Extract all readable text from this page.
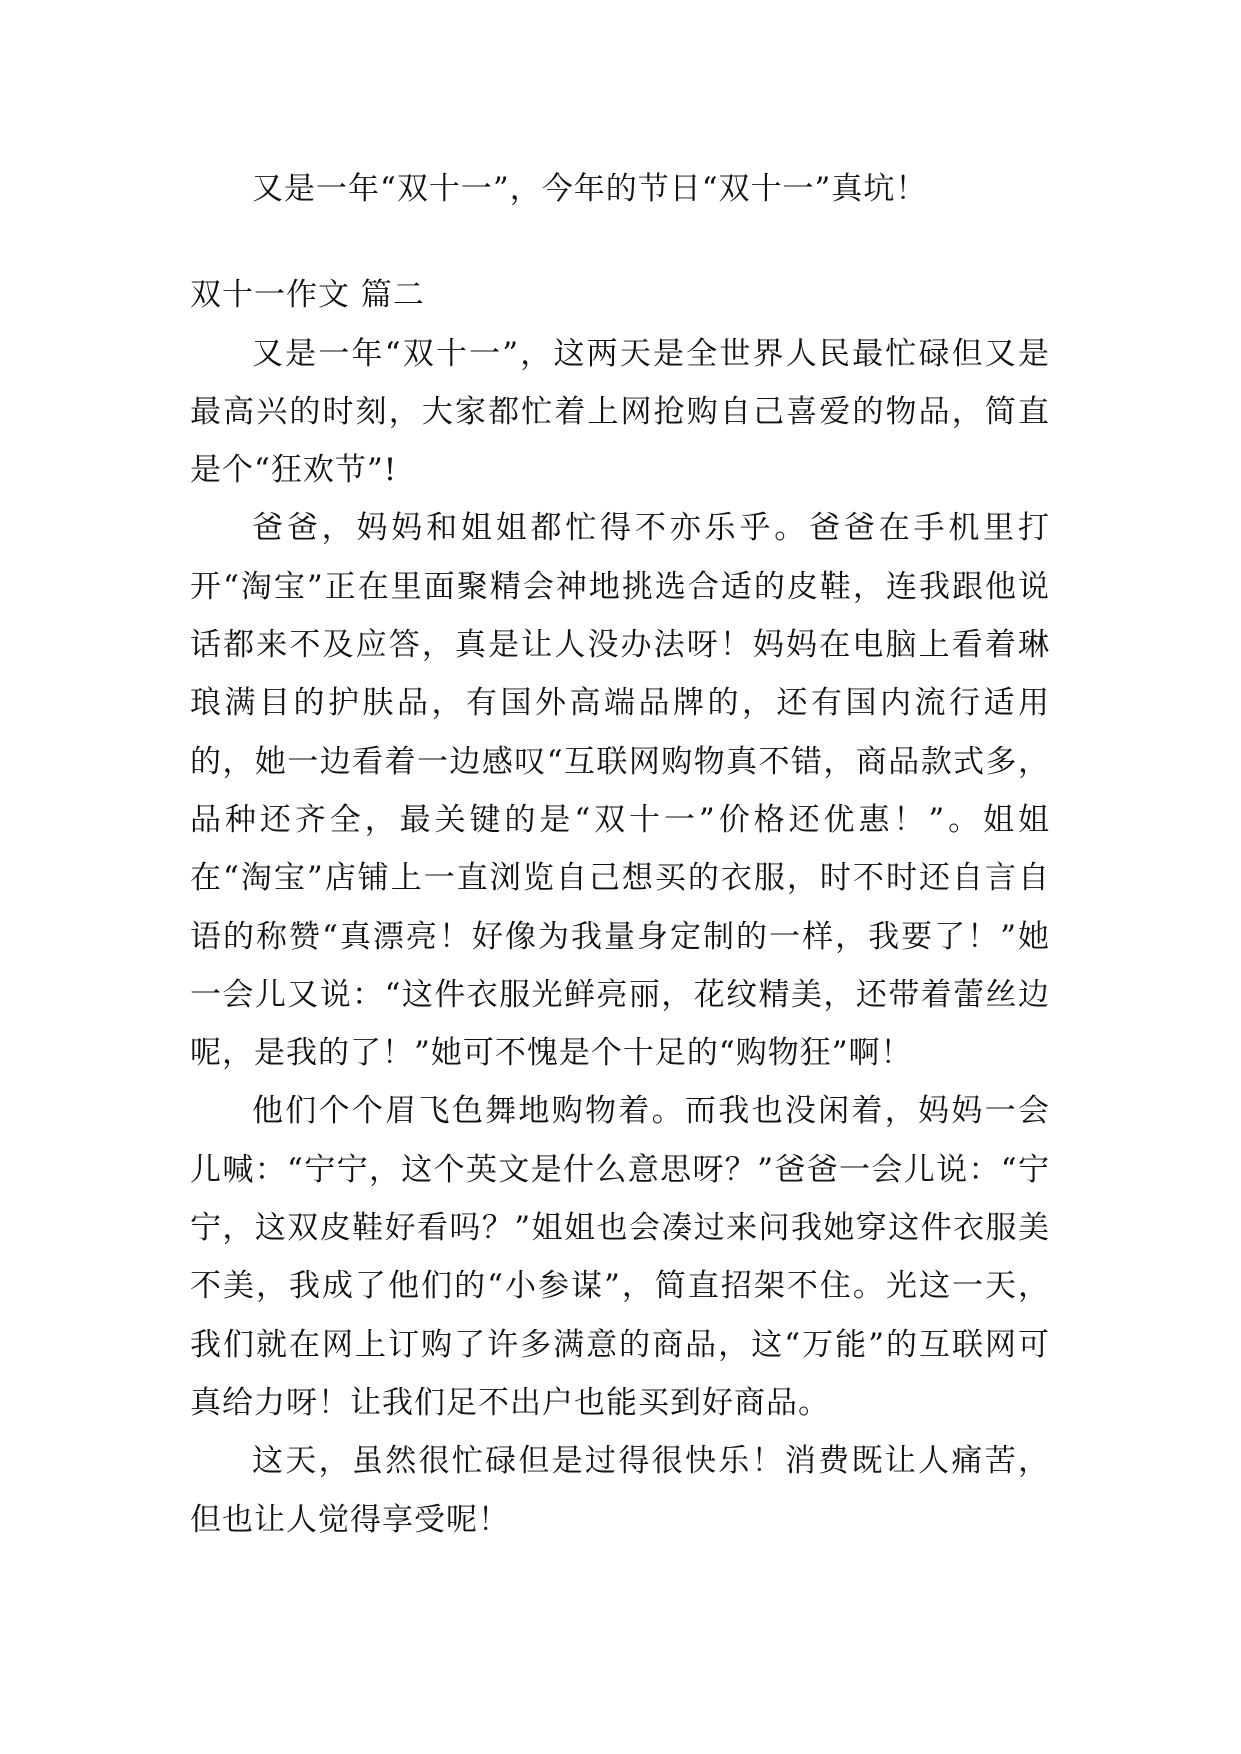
又是一年“双十一”，今年的节日“双十一”真坑！

双十一作文 篇二

又是一年“双十一”，这两天是全世界人民最忙碌但又是最高兴的时刻，大家都忙着上网抢购自己喜爱的物品，简直是个“狂欢节”!

爸爸，妈妈和姐姐都忙得不亦乐乎。爸爸在手机里打开“淘宝”正在里面聚精会神地挑选合适的皮鞋，连我跟他说话都来不及应答，真是让人没办法呀！妈妈在电脑上看着琳琅满目的护肤品，有国外高端品牌的，还有国内流行适用的，她一边看着一边感叹“互联网购物真不错，商品款式多，品种还齐全，最关键的是“双十一”价格还优惠！”。姐姐在“淘宝”店铺上一直浏览自己想买的衣服，时不时还自言自语的称赞“真漂亮！好像为我量身定制的一样，我要了！”她一会儿又说：“这件衣服光鲜亮丽，花纹精美，还带着蕾丝边呢，是我的了！”她可不愧是个十足的“购物狂”啊！

他们个个眉飞色舞地购物着。而我也没闲着，妈妈一会儿喊：“宁宁，这个英文是什么意思呀？”爸爸一会儿说：“宁宁，这双皮鞋好看吗？”姐姐也会凑过来问我她穿这件衣服美不美，我成了他们的“小参谋”，简直招架不住。光这一天，我们就在网上订购了许多满意的商品，这“万能”的互联网可真给力呀！让我们足不出户也能买到好商品。

这天，虽然很忙碌但是过得很快乐！消费既让人痛苦，但也让人觉得享受呢！
